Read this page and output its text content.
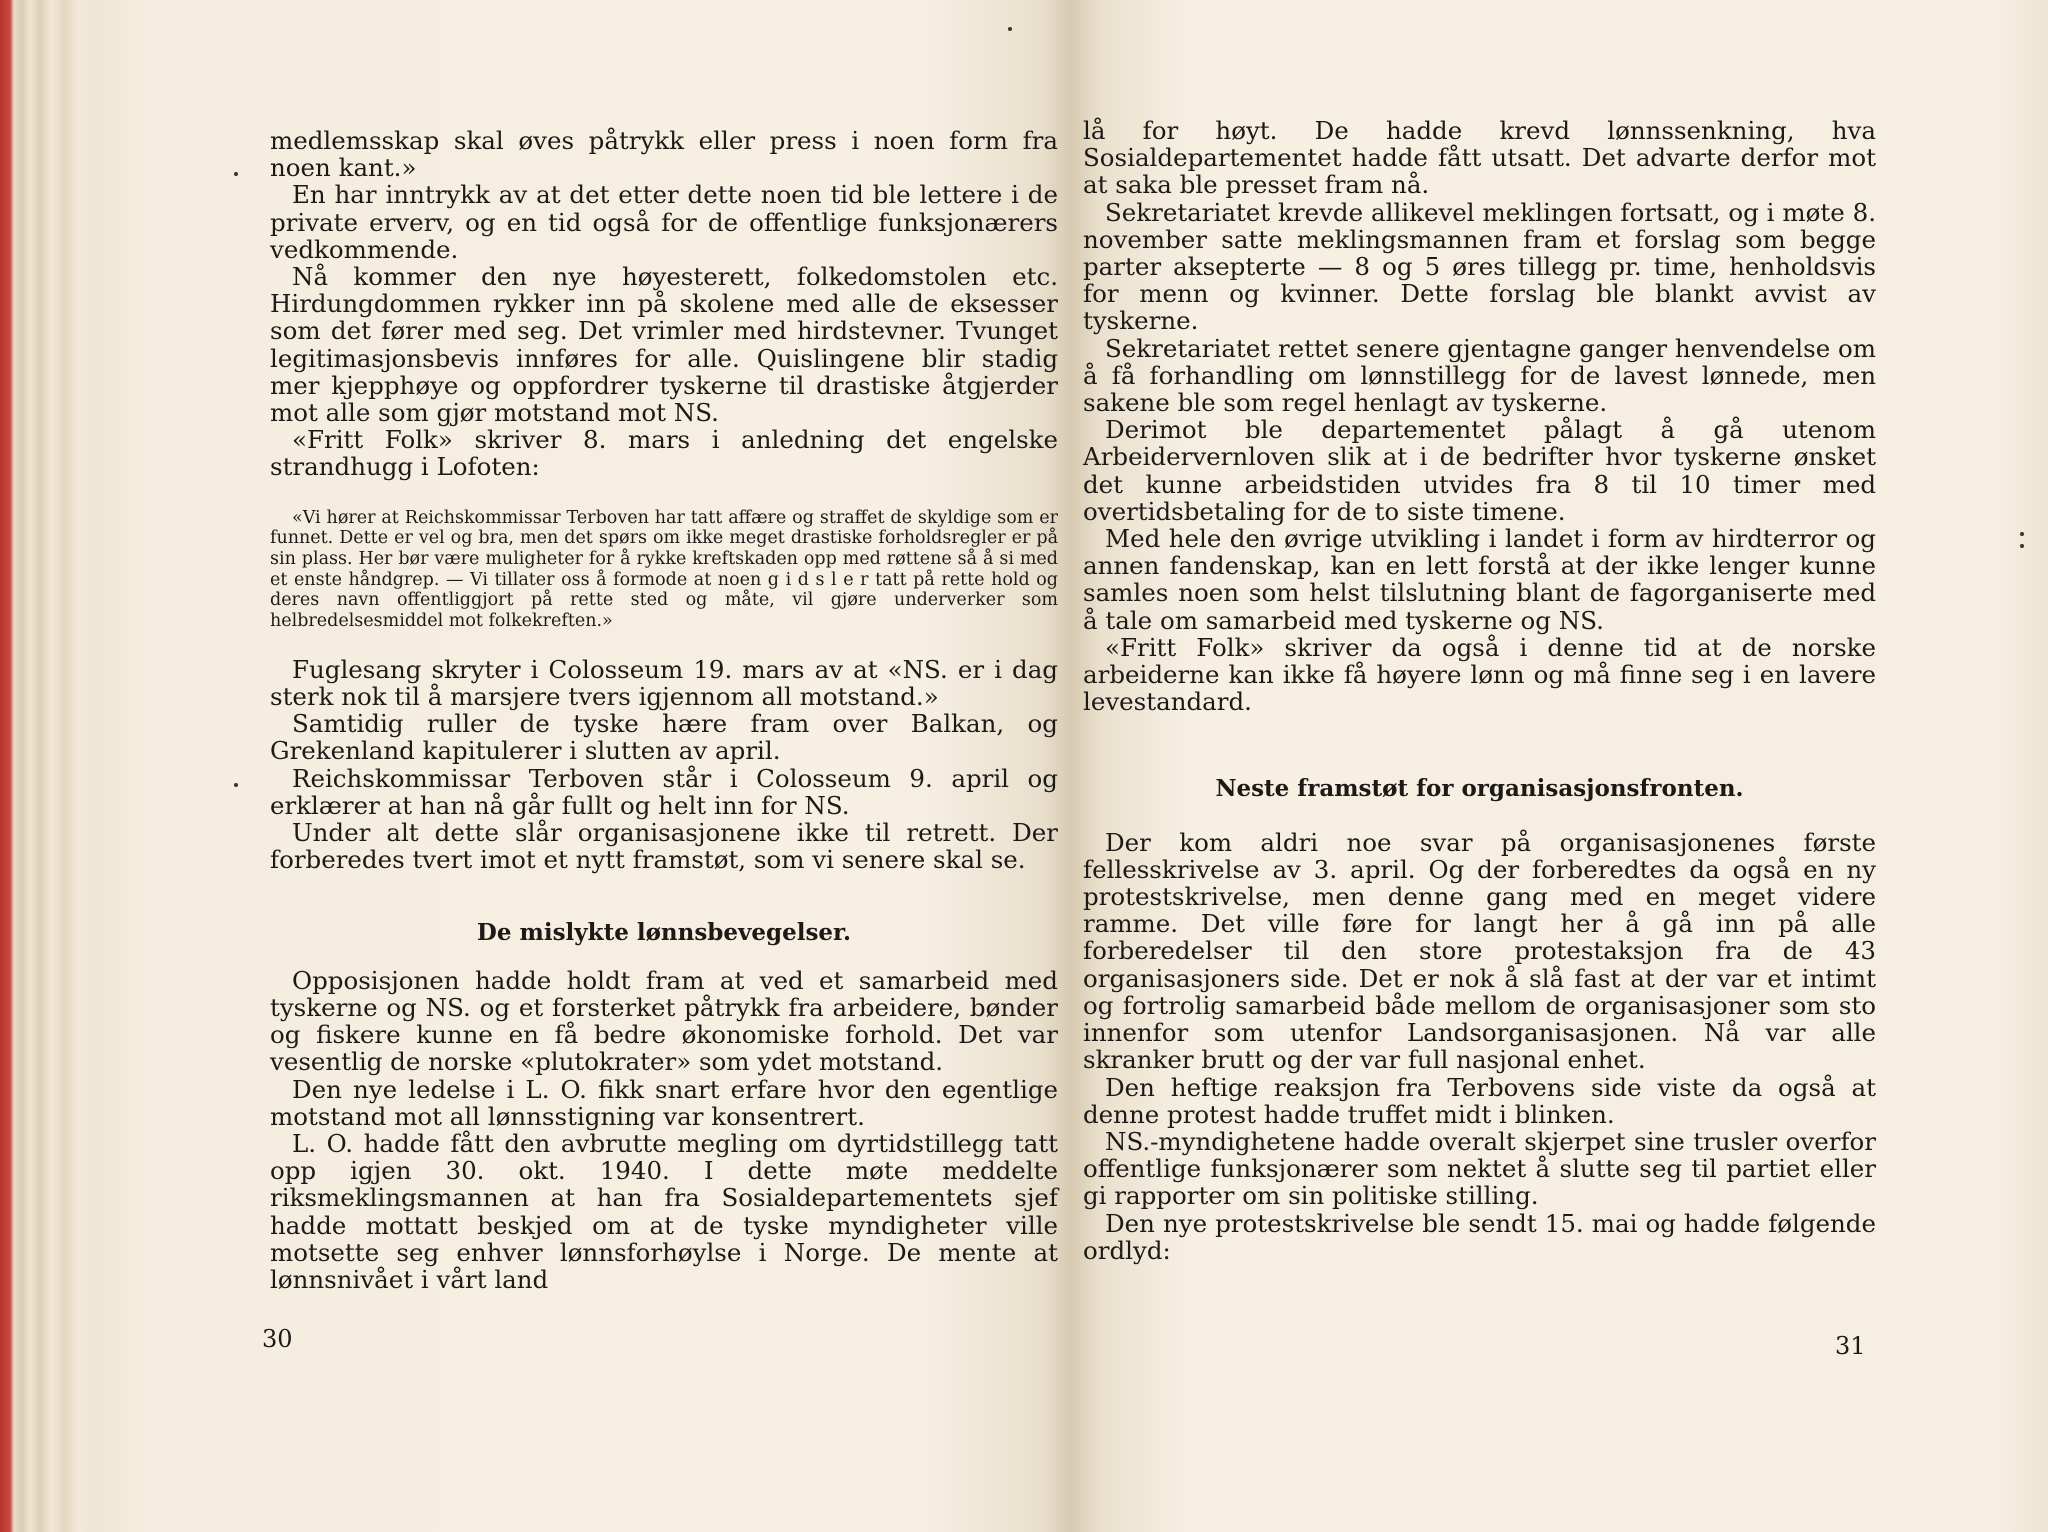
medlemsskap skal øves påtrykk eller press i noen form fra noen kant.»

En har inntrykk av at det etter dette noen tid ble lettere i de private erverv, og en tid også for de offentlige funksjonærers vedkommende.

Nå kommer den nye høyesterett, folkedomstolen etc. Hirdungdommen rykker inn på skolene med alle de eksesser som det fører med seg. Det vrimler med hirdstevner. Tvunget legitimasjonsbevis innføres for alle. Quislingene blir stadig mer kjepphøye og oppfordrer tyskerne til drastiske åtgjerder mot alle som gjør motstand mot NS.

«Fritt Folk» skriver 8. mars i anledning det engelske strandhugg i Lofoten:

«Vi hører at Reichskommissar Terboven har tatt affære og straffet de skyldige som er funnet. Dette er vel og bra, men det spørs om ikke meget drastiske forholdsregler er på sin plass. Her bør være muligheter for å rykke kreftskaden opp med røttene så å si med et enste håndgrep. — Vi tillater oss å formode at noen g i d s l e r tatt på rette hold og deres navn offentliggjort på rette sted og måte, vil gjøre underverker som helbredelsesmiddel mot folkekreften.»

Fuglesang skryter i Colosseum 19. mars av at «NS. er i dag sterk nok til å marsjere tvers igjennom all motstand.»

Samtidig ruller de tyske hære fram over Balkan, og Grekenland kapitulerer i slutten av april.

Reichskommissar Terboven står i Colosseum 9. april og erklærer at han nå går fullt og helt inn for NS.

Under alt dette slår organisasjonene ikke til retrett. Der forberedes tvert imot et nytt framstøt, som vi senere skal se.

De mislykte lønnsbevegelser.

Opposisjonen hadde holdt fram at ved et samarbeid med tyskerne og NS. og et forsterket påtrykk fra arbeidere, bønder og fiskere kunne en få bedre økonomiske forhold. Det var vesentlig de norske «plutokrater» som ydet motstand.

Den nye ledelse i L. O. fikk snart erfare hvor den egentlige motstand mot all lønnsstigning var konsentrert.

L. O. hadde fått den avbrutte megling om dyrtidstillegg tatt opp igjen 30. okt. 1940. I dette møte meddelte riksmeklingsmannen at han fra Sosialdepartementets sjef hadde mottatt beskjed om at de tyske myndigheter ville motsette seg enhver lønnsforhøylse i Norge. De mente at lønnsnivået i vårt land

lå for høyt. De hadde krevd lønnssenkning, hva Sosialdepartementet hadde fått utsatt. Det advarte derfor mot at saka ble presset fram nå.

Sekretariatet krevde allikevel meklingen fortsatt, og i møte 8. november satte meklingsmannen fram et forslag som begge parter aksepterte — 8 og 5 øres tillegg pr. time, henholdsvis for menn og kvinner. Dette forslag ble blankt avvist av tyskerne.

Sekretariatet rettet senere gjentagne ganger henvendelse om å få forhandling om lønnstillegg for de lavest lønnede, men sakene ble som regel henlagt av tyskerne.

Derimot ble departementet pålagt å gå utenom Arbeidervernloven slik at i de bedrifter hvor tyskerne ønsket det kunne arbeidstiden utvides fra 8 til 10 timer med overtidsbetaling for de to siste timene.

Med hele den øvrige utvikling i landet i form av hirdterror og annen fandenskap, kan en lett forstå at der ikke lenger kunne samles noen som helst tilslutning blant de fagorganiserte med å tale om samarbeid med tyskerne og NS.

«Fritt Folk» skriver da også i denne tid at de norske arbeiderne kan ikke få høyere lønn og må finne seg i en lavere levestandard.

Neste framstøt for organisasjonsfronten.

Der kom aldri noe svar på organisasjonenes første fellesskrivelse av 3. april. Og der forberedtes da også en ny protestskrivelse, men denne gang med en meget videre ramme. Det ville føre for langt her å gå inn på alle forberedelser til den store protestaksjon fra de 43 organisasjoners side. Det er nok å slå fast at der var et intimt og fortrolig samarbeid både mellom de organisasjoner som sto innenfor som utenfor Landsorganisasjonen. Nå var alle skranker brutt og der var full nasjonal enhet.

Den heftige reaksjon fra Terbovens side viste da også at denne protest hadde truffet midt i blinken.

NS.-myndighetene hadde overalt skjerpet sine trusler overfor offentlige funksjonærer som nektet å slutte seg til partiet eller gi rapporter om sin politiske stilling.

Den nye protestskrivelse ble sendt 15. mai og hadde følgende ordlyd:

30	31
